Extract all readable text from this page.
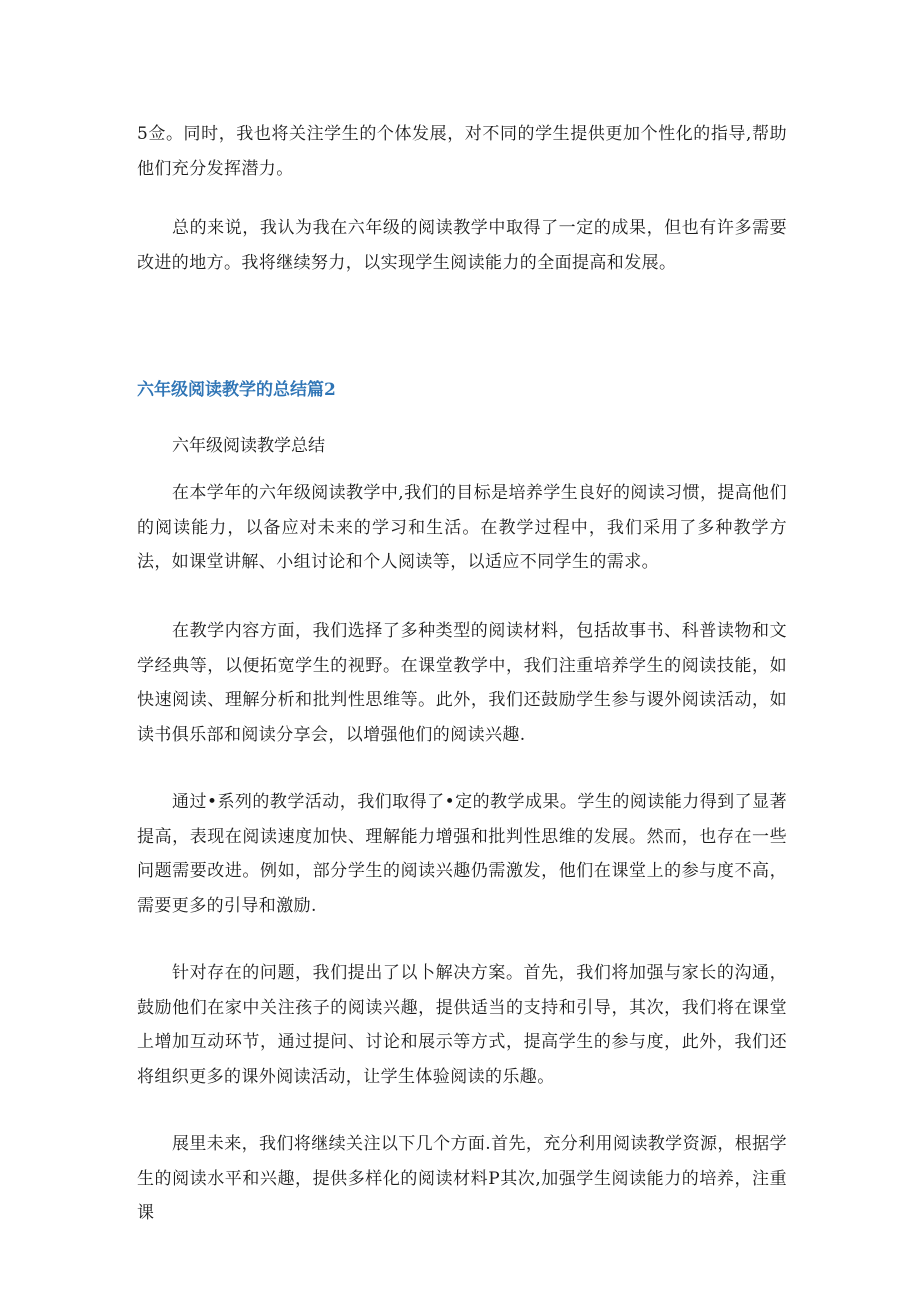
5佥。同时，我也将关注学生的个体发展，对不同的学生提供更加个性化的指导,帮助他们充分发挥潜力。

总的来说，我认为我在六年级的阅读教学中取得了一定的成果，但也有许多需要改进的地方。我将继续努力，以实现学生阅读能力的全面提高和发展。

六年级阅读教学的总结篇2

六年级阅读教学总结

在本学年的六年级阅读教学中,我们的目标是培养学生良好的阅读习惯，提高他们的阅读能力，以备应对未来的学习和生活。在教学过程中，我们采用了多种教学方法，如课堂讲解、小组讨论和个人阅读等，以适应不同学生的需求。

在教学内容方面，我们选择了多种类型的阅读材料，包括故事书、科普读物和文学经典等，以便拓宽学生的视野。在课堂教学中，我们注重培养学生的阅读技能，如快速阅读、理解分析和批判性思维等。此外，我们还鼓励学生参与谡外阅读活动，如读书俱乐部和阅读分享会，以增强他们的阅读兴趣.

通过•系列的教学活动，我们取得了•定的教学成果。学生的阅读能力得到了显著提高，表现在阅读速度加快、理解能力增强和批判性思维的发展。然而，也存在一些问题需要改进。例如，部分学生的阅读兴趣仍需激发，他们在课堂上的参与度不高，需要更多的引导和激励.

针对存在的问题，我们提出了以卜解决方案。首先，我们将加强与家长的沟通，鼓励他们在家中关注孩子的阅读兴趣，提供适当的支持和引导，其次，我们将在课堂上增加互动环节，通过提问、讨论和展示等方式，提高学生的参与度，此外，我们还将组织更多的课外阅读活动，让学生体验阅读的乐趣。

展里未来，我们将继续关注以下几个方面.首先，充分利用阅读教学资源，根据学生的阅读水平和兴趣，提供多样化的阅读材料P其次,加强学生阅读能力的培养，注重课
